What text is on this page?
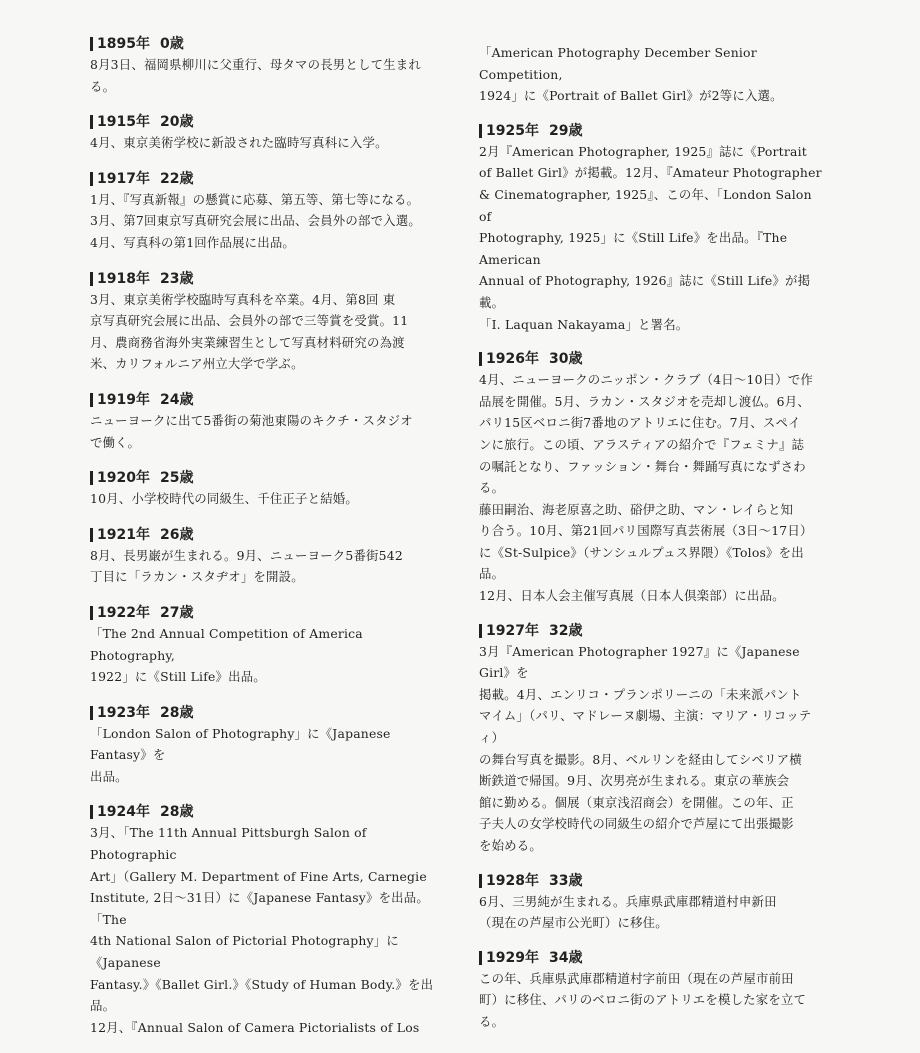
1895年 0歳
8月3日、福岡県柳川に父重行、母タマの長男として生まれる。
1915年 20歳
4月、東京美術学校に新設された臨時写真科に入学。
1917年 22歳
1月、『写真新報』の懸賞に応募、第五等、第七等になる。
3月、第7回東京写真研究会展に出品、会員外の部で入選。
4月、写真科の第1回作品展に出品。
1918年 23歳
3月、東京美術学校臨時写真科を卒業。4月、第8回 東
京写真研究会展に出品、会員外の部で三等賞を受賞。11
月、農商務省海外実業練習生として写真材料研究の為渡
米、カリフォルニア州立大学で学ぶ。
1919年 24歳
ニューヨークに出て5番街の菊池東陽のキクチ・スタジオ
で働く。
1920年 25歳
10月、小学校時代の同級生、千住正子と結婚。
1921年 26歳
8月、長男巌が生まれる。9月、ニューヨーク5番街542
丁目に「ラカン・スタヂオ」を開設。
1922年 27歳
「The 2nd Annual Competition of America Photography,
1922」に《Still Life》出品。
1923年 28歳
「London Salon of Photography」に《Japanese Fantasy》を
出品。
1924年 28歳
3月、「The 11th Annual Pittsburgh Salon of Photographic
Art」（Gallery M. Department of Fine Arts, Carnegie
Institute, 2日～31日）に《Japanese Fantasy》を出品。「The
4th National Salon of Pictorial Photography」に《Japanese
Fantasy.》《Ballet Girl.》《Study of Human Body.》を出品。
12月、『Annual Salon of Camera Pictorialists of Los
「American Photography December Senior Competition,
1924」に《Portrait of Ballet Girl》が2等に入選。
1925年 29歳
2月『American Photographer, 1925』誌に《Portrait
of Ballet Girl》が掲載。12月、『Amateur Photographer
& Cinematographer, 1925』、この年、「London Salon of
Photography, 1925」に《Still Life》を出品。『The American
Annual of Photography, 1926』誌に《Still Life》が掲載。
「I. Laquan Nakayama」と署名。
1926年 30歳
4月、ニューヨークのニッポン・クラブ（4日～10日）で作
品展を開催。5月、ラカン・スタジオを売却し渡仏。6月、
パリ15区ベロニ街7番地のアトリエに住む。7月、スペイ
ンに旅行。この頃、アラスティアの紹介で『フェミナ』誌
の嘱託となり、ファッション・舞台・舞踊写真になずさわる。
藤田嗣治、海老原喜之助、硲伊之助、マン・レイらと知
り合う。10月、第21回パリ国際写真芸術展（3日～17日）
に《St-Sulpice》（サンシュルプュス界隈）《Tolos》を出品。
12月、日本人会主催写真展（日本人倶楽部）に出品。
1927年 32歳
3月『American Photographer 1927』に《Japanese Girl》を
掲載。4月、エンリコ・プランポリーニの「未来派パント
マイム」（パリ、マドレーヌ劇場、主演：マリア・リコッティ）
の舞台写真を撮影。8月、ベルリンを経由してシベリア横
断鉄道で帰国。9月、次男亮が生まれる。東京の華族会
館に勤める。個展（東京浅沼商会）を開催。この年、正
子夫人の女学校時代の同級生の紹介で芦屋にて出張撮影
を始める。
1928年 33歳
6月、三男純が生まれる。兵庫県武庫郡精道村申新田
（現在の芦屋市公光町）に移住。
1929年 34歳
この年、兵庫県武庫郡精道村字前田（現在の芦屋市前田
町）に移住、パリのベロニ街のアトリエを模した家を立てる。
